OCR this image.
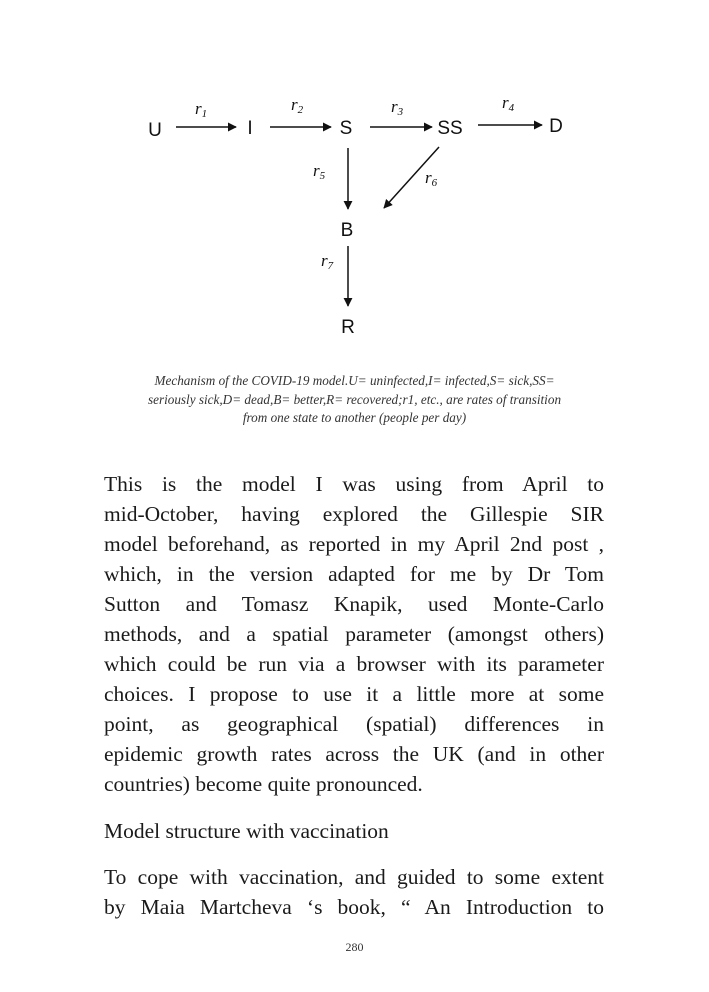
U	I	S	SS	D
B
R
r1	r2	r3	r4
r5	r6
r7
Mechanism of the COVID-19 model.U= uninfected,I= infected,S= sick,SS=
seriously sick,D= dead,B= better,R= recovered;r1, etc., are rates of transition
from one state to another (people per day)
This is the model I was using from April to
mid-October, having explored the Gillespie SIR
model beforehand, as reported in my April 2nd post ,
which, in the version adapted for me by Dr Tom
Sutton and Tomasz Knapik, used Monte-Carlo
methods, and a spatial parameter (amongst others)
which could be run via a browser with its parameter
choices. I propose to use it a little more at some
point, as geographical (spatial) differences in
epidemic growth rates across the UK (and in other
countries) become quite pronounced.
Model structure with vaccination
To cope with vaccination, and guided to some extent
by Maia Martcheva ‘s book, “ An Introduction to
280
